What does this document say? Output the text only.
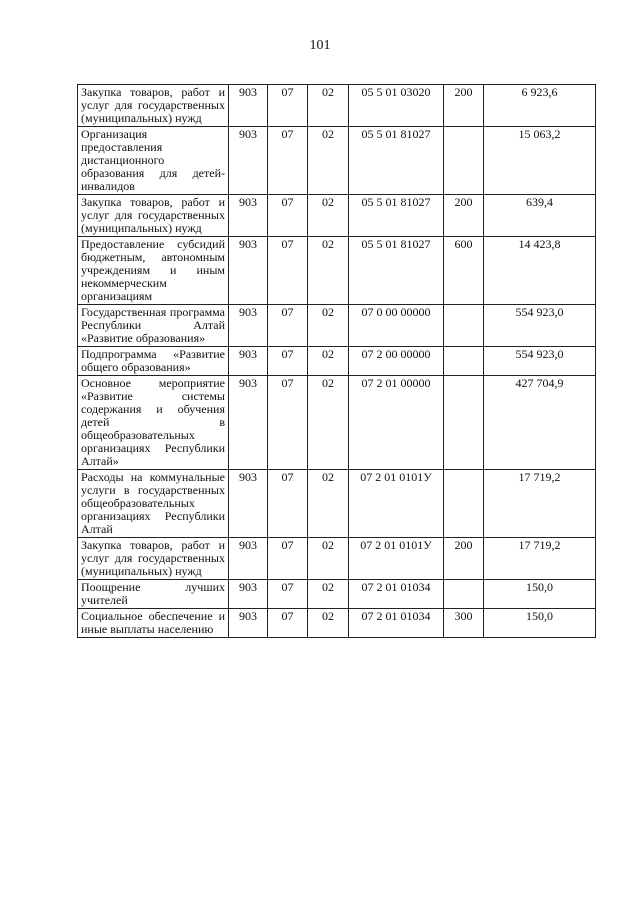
101
Закупка товаров, работ и услуг для государственных (муниципальных) нужд	903	07	02	05 5 01 03020	200	6 923,6
Организация предоставления дистанционного образования для детей-инвалидов	903	07	02	05 5 01 81027		15 063,2
Закупка товаров, работ и услуг для государственных (муниципальных) нужд	903	07	02	05 5 01 81027	200	639,4
Предоставление субсидий бюджетным, автономным учреждениям и иным некоммерческим организациям	903	07	02	05 5 01 81027	600	14 423,8
Государственная программа Республики Алтай «Развитие образования»	903	07	02	07 0 00 00000		554 923,0
Подпрограмма «Развитие общего образования»	903	07	02	07 2 00 00000		554 923,0
Основное мероприятие «Развитие системы содержания и обучения детей в общеобразовательных организациях Республики Алтай»	903	07	02	07 2 01 00000		427 704,9
Расходы на коммунальные услуги в государственных общеобразовательных организациях Республики Алтай	903	07	02	07 2 01 0101У		17 719,2
Закупка товаров, работ и услуг для государственных (муниципальных) нужд	903	07	02	07 2 01 0101У	200	17 719,2
Поощрение лучших учителей	903	07	02	07 2 01 01034		150,0
Социальное обеспечение и иные выплаты населению	903	07	02	07 2 01 01034	300	150,0
